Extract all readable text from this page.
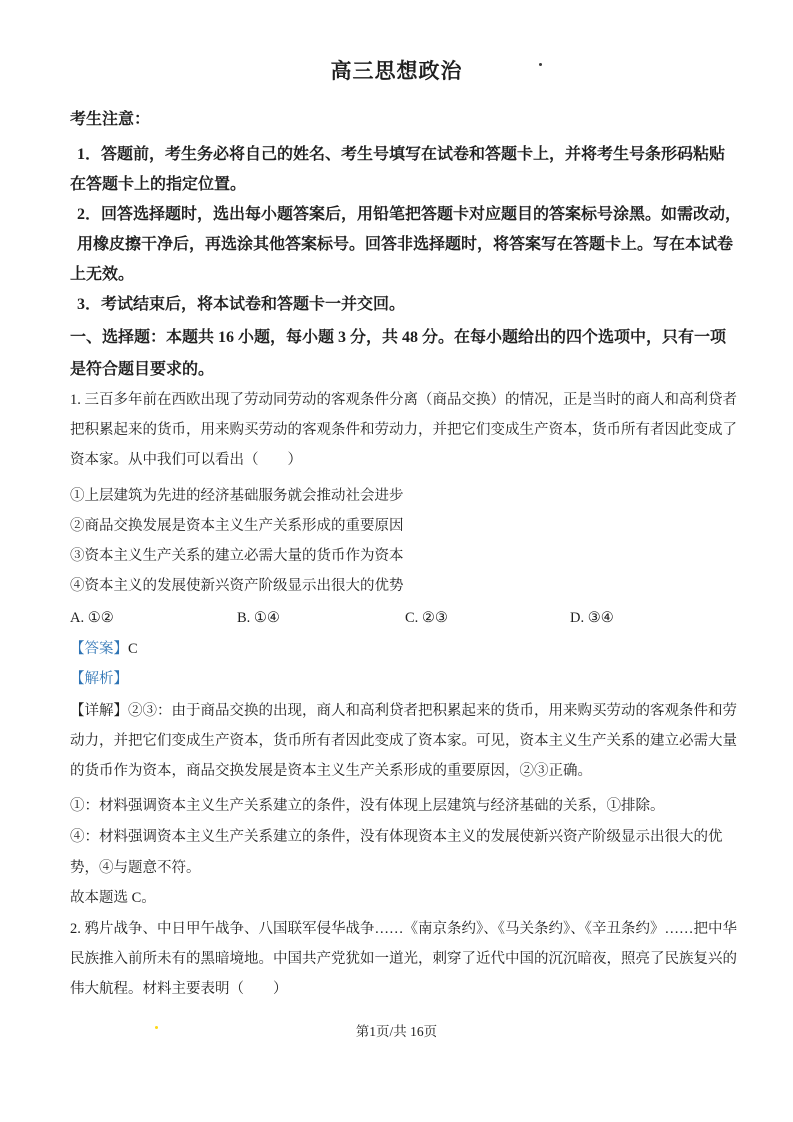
高三思想政治
考生注意：
1．答题前，考生务必将自己的姓名、考生号填写在试卷和答题卡上，并将考生号条形码粘贴
在答题卡上的指定位置。
2．回答选择题时，选出每小题答案后，用铅笔把答题卡对应题目的答案标号涂黑。如需改动，
用橡皮擦干净后，再选涂其他答案标号。回答非选择题时，将答案写在答题卡上。写在本试卷
上无效。
3．考试结束后，将本试卷和答题卡一并交回。
一、选择题：本题共 16 小题，每小题 3 分，共 48 分。在每小题给出的四个选项中，只有一项
是符合题目要求的。
1. 三百多年前在西欧出现了劳动同劳动的客观条件分离（商品交换）的情况，正是当时的商人和高利贷者
把积累起来的货币，用来购买劳动的客观条件和劳动力，并把它们变成生产资本，货币所有者因此变成了
资本家。从中我们可以看出（　　）
①上层建筑为先进的经济基础服务就会推动社会进步
②商品交换发展是资本主义生产关系形成的重要原因
③资本主义生产关系的建立必需大量的货币作为资本
④资本主义的发展使新兴资产阶级显示出很大的优势
A. ①②	B. ①④	C. ②③	D. ③④
【答案】C
【解析】
【详解】②③：由于商品交换的出现，商人和高利贷者把积累起来的货币，用来购买劳动的客观条件和劳
动力，并把它们变成生产资本，货币所有者因此变成了资本家。可见，资本主义生产关系的建立必需大量
的货币作为资本，商品交换发展是资本主义生产关系形成的重要原因，②③正确。
①：材料强调资本主义生产关系建立的条件，没有体现上层建筑与经济基础的关系，①排除。
④：材料强调资本主义生产关系建立的条件，没有体现资本主义的发展使新兴资产阶级显示出很大的优
势，④与题意不符。
故本题选 C。
2. 鸦片战争、中日甲午战争、八国联军侵华战争……《南京条约》、《马关条约》、《辛丑条约》……把中华
民族推入前所未有的黑暗境地。中国共产党犹如一道光，刺穿了近代中国的沉沉暗夜，照亮了民族复兴的
伟大航程。材料主要表明（　　）
第1页/共 16页
